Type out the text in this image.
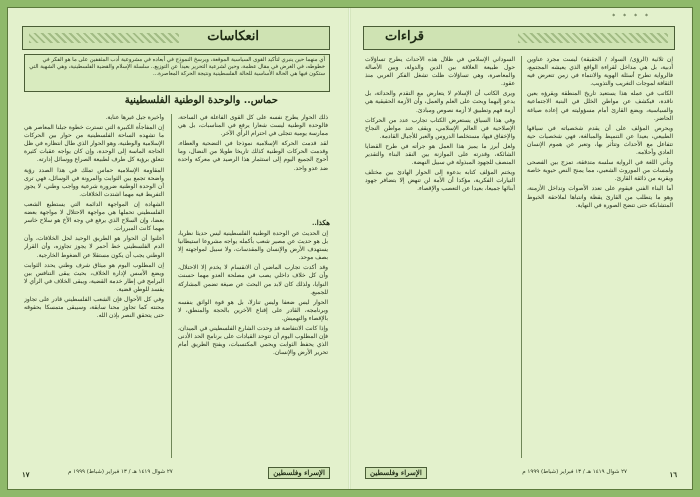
انعكاسات
أي منهما حين ينبري لتأكيد القوى السياسية الموقعة، ويرسخ النموذج في أبعاده في مشروعية أدب المثقفين على ما هو الفكر في خطوطه، في الغرض في مقال عظمة، وحين لشرعية التحرير بعيداً عن التوزيع.. سلسلة الإسلام والقضية الفلسطينية، وهي الشهية التي ستكون فيها هي الحالة الأساسية للحالة الفلسطينية ونتيجة الحركة المعاصرة...
حماس.. والوحدة الوطنية الفلسطينية

وأخيرة جيل غيرها عناية.

إن المفاجأة الكبيرة التي تسترت خطوة جيلنا المعاصر هي ما تشهده الساحة الفلسطينية من حوار بين الحركات الإسلامية والوطنية، وهو الحوار الذي طال انتظاره في ظل الحاجة الماسة إلى الوحدة، وإن كان يواجه عقبات كثيرة تتعلق برؤية كل طرف لطبيعة الصراع ووسائل إدارته.

المقاومة الإسلامية حماس تملك في هذا الصدد رؤية واضحة تجمع بين الثوابت والمرونة في الوسائل، فهي ترى أن الوحدة الوطنية ضرورة شرعية وواجب وطني، لا يجوز التفريط فيه مهما اشتدت الخلافات.

الشهادة إن المواجهة الدائمة التي يستطيع الشعب الفلسطيني تحملها هي مواجهة الاحتلال لا مواجهة بعضه بعضا، وإن السلاح الذي يرفع في وجه الأخ هو سلاح خاسر مهما كانت المبررات.

أعلنوا أن الحوار هو الطريق الوحيد لحل الخلافات، وأن الدم الفلسطيني خط أحمر لا يجوز تجاوزه، وأن القرار الوطني يجب أن يكون مستقلا عن الضغوط الخارجية.

إن المطلوب اليوم هو ميثاق شرف وطني يحدد الثوابت ويضع الأسس لإدارة الخلاف، بحيث يبقى التنافس بين البرامج في إطار خدمة القضية، ويبقى الخلاف في الرأي لا يفسد للوطن قضية.

وفي كل الأحوال فإن الشعب الفلسطيني قادر على تجاوز محنته كما تجاوز محنا سابقة، وسيبقى متمسكا بحقوقه حتى يتحقق النصر بإذن الله.

هكذا..

ذلك الحوار يطرح نفسه على كل القوى الفاعلة في الساحة، فالوحدة الوطنية ليست شعارا يرفع في المناسبات، بل هي ممارسة يومية تتجلى في احترام الرأي الآخر.

لقد قدمت الحركة الإسلامية نموذجا في التضحية والعطاء، وقدمت الحركات الوطنية كذلك تاريخا طويلا من النضال، وما أحوج الجميع اليوم إلى استثمار هذا الرصيد في معركة واحدة ضد عدو واحد.

إن الحديث عن الوحدة الوطنية الفلسطينية ليس حديثا نظريا، بل هو حديث عن مصير شعب بأكمله يواجه مشروعا استيطانيا يستهدف الأرض والإنسان والمقدسات، ولا سبيل لمواجهته إلا بصف موحد.

وقد أكدت تجارب الماضي أن الانقسام لا يخدم إلا الاحتلال، وأن كل خلاف داخلي يصب في مصلحة العدو مهما حسنت النوايا، ولذلك كان لابد من البحث عن صيغة تضمن المشاركة للجميع.

الحوار ليس ضعفا وليس تنازلا، بل هو قوة الواثق بنفسه وبرنامجه، القادر على إقناع الآخرين بالحجة والمنطق، لا بالإقصاء والتهميش.

وإذا كانت الانتفاضة قد وحدت الشارع الفلسطيني في الميدان، فإن المطلوب اليوم أن تتوحد القيادات على برنامج الحد الأدنى الذي يحفظ الثوابت ويحمي المكتسبات، ويفتح الطريق أمام تحرير الأرض والإنسان.

الإسراء وفلسطين
٢٧ شوال ١٤١٩ هـ / ١٣ فبراير (شباط) ١٩٩٩ م
١٧
قراءات
* * * *

السوداني الإسلامي في ظلال هذه الأحداث يطرح تساؤلات حول طبيعة العلاقة بين الدين والدولة، وبين الأصالة والمعاصرة، وهي تساؤلات ظلت تشغل الفكر العربي منذ عقود.

ويرى الكاتب أن الإسلام لا يتعارض مع التقدم والحداثة، بل يدعو إليهما ويحث على العلم والعمل، وأن الأزمة الحقيقية هي أزمة فهم وتطبيق لا أزمة نصوص ومبادئ.

وفي هذا السياق يستعرض الكتاب تجارب عدد من الحركات الإصلاحية في العالم الإسلامي، ويقف عند مواطن النجاح والإخفاق فيها، مستخلصا الدروس والعبر للأجيال القادمة.

ولعل أبرز ما يميز هذا العمل هو جرأته في طرح القضايا الشائكة، وقدرته على الموازنة بين النقد البناء والتقدير المنصف للجهود المبذولة في سبيل النهضة.

ويختم المؤلف كتابه بدعوة إلى الحوار الهادئ بين مختلف التيارات الفكرية، مؤكدا أن الأمة لن تنهض إلا بتضافر جهود أبنائها جميعا، بعيدا عن التعصب والإقصاء.

إن ثلاثية (الرؤى/ السواد / الحقيقة) ليست مجرد عناوين أدبية، بل هي مداخل لقراءة الواقع الذي يعيشه المجتمع، فالرواية تطرح أسئلة الهوية والانتماء في زمن تتعرض فيه الثقافة لموجات التغريب والتذويب.

الكاتب في عمله هذا يستعيد تاريخ المنطقة ويقرؤه بعين ناقدة، فيكشف عن مواطن الخلل في البنية الاجتماعية والسياسية، ويضع القارئ أمام مسؤوليته في إعادة صياغة الحاضر.

ويحرص المؤلف على أن يقدم شخصياته في سياقها الطبيعي، بعيدا عن التنميط والمبالغة، فهي شخصيات حية تتفاعل مع الأحداث وتتأثر بها، وتعبر عن هموم الإنسان العادي وأحلامه.

وتأتي اللغة في الرواية سلسة متدفقة، تمزج بين الفصحى ولمسات من الموروث الشعبي، مما يمنح النص حيوية خاصة ويقربه من ذائقة القارئ.

أما البناء الفني فيقوم على تعدد الأصوات وتداخل الأزمنة، وهو ما يتطلب من القارئ يقظة وانتباها لملاحقة الخيوط المتشابكة حتى تتضح الصورة في النهاية.

الإسراء وفلسطين	٢٧ شوال ١٤١٩ هـ / ١٣ فبراير (شباط) ١٩٩٩ م	١٦
